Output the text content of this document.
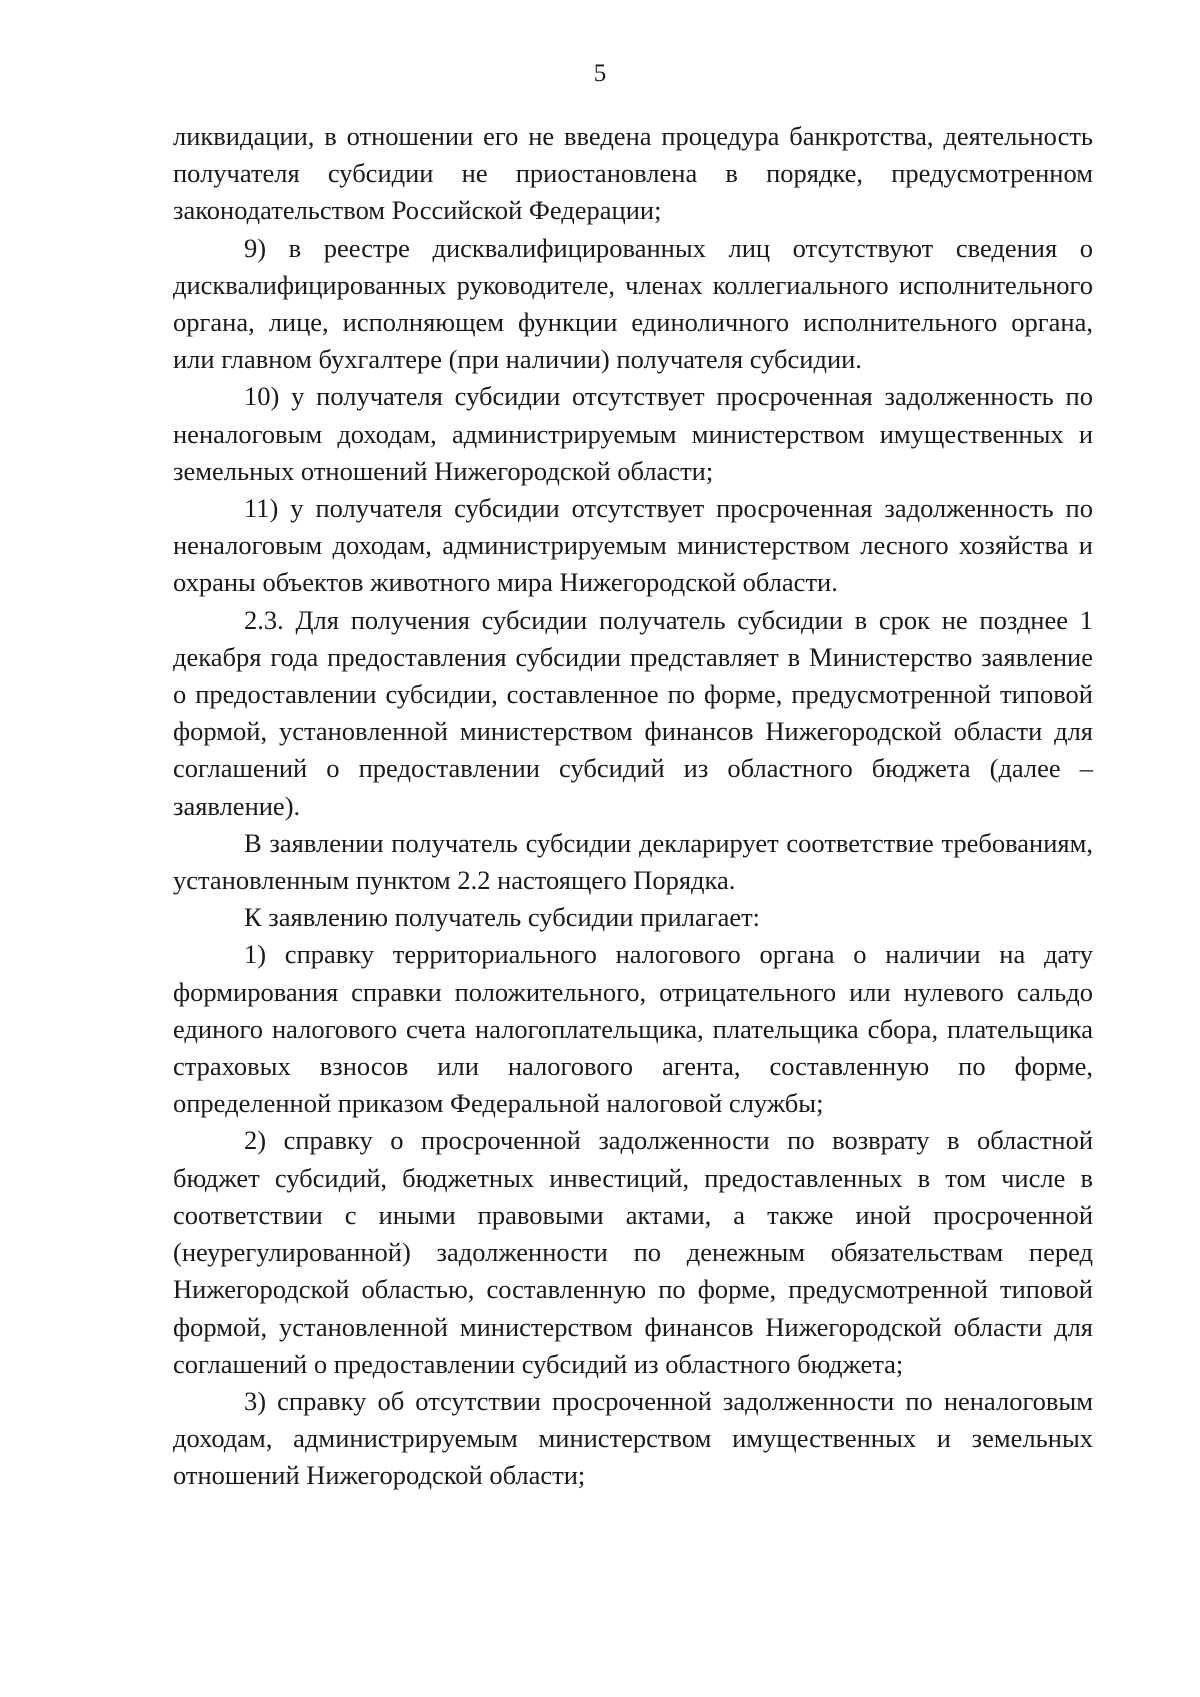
5

ликвидации, в отношении его не введена процедура банкротства, деятельность получателя субсидии не приостановлена в порядке, предусмотренном законодательством Российской Федерации;

9) в реестре дисквалифицированных лиц отсутствуют сведения о дисквалифицированных руководителе, членах коллегиального исполнительного органа, лице, исполняющем функции единоличного исполнительного органа, или главном бухгалтере (при наличии) получателя субсидии.

10) у получателя субсидии отсутствует просроченная задолженность по неналоговым доходам, администрируемым министерством имущественных и земельных отношений Нижегородской области;

11) у получателя субсидии отсутствует просроченная задолженность по неналоговым доходам, администрируемым министерством лесного хозяйства и охраны объектов животного мира Нижегородской области.

2.3. Для получения субсидии получатель субсидии в срок не позднее 1 декабря года предоставления субсидии представляет в Министерство заявление о предоставлении субсидии, составленное по форме, предусмотренной типовой формой, установленной министерством финансов Нижегородской области для соглашений о предоставлении субсидий из областного бюджета (далее – заявление).

В заявлении получатель субсидии декларирует соответствие требованиям, установленным пунктом 2.2 настоящего Порядка.

К заявлению получатель субсидии прилагает:

1) справку территориального налогового органа о наличии на дату формирования справки положительного, отрицательного или нулевого сальдо единого налогового счета налогоплательщика, плательщика сбора, плательщика страховых взносов или налогового агента, составленную по форме, определенной приказом Федеральной налоговой службы;

2) справку о просроченной задолженности по возврату в областной бюджет субсидий, бюджетных инвестиций, предоставленных в том числе в соответствии с иными правовыми актами, а также иной просроченной (неурегулированной) задолженности по денежным обязательствам перед Нижегородской областью, составленную по форме, предусмотренной типовой формой, установленной министерством финансов Нижегородской области для соглашений о предоставлении субсидий из областного бюджета;

3) справку об отсутствии просроченной задолженности по неналоговым доходам, администрируемым министерством имущественных и земельных отношений Нижегородской области;
